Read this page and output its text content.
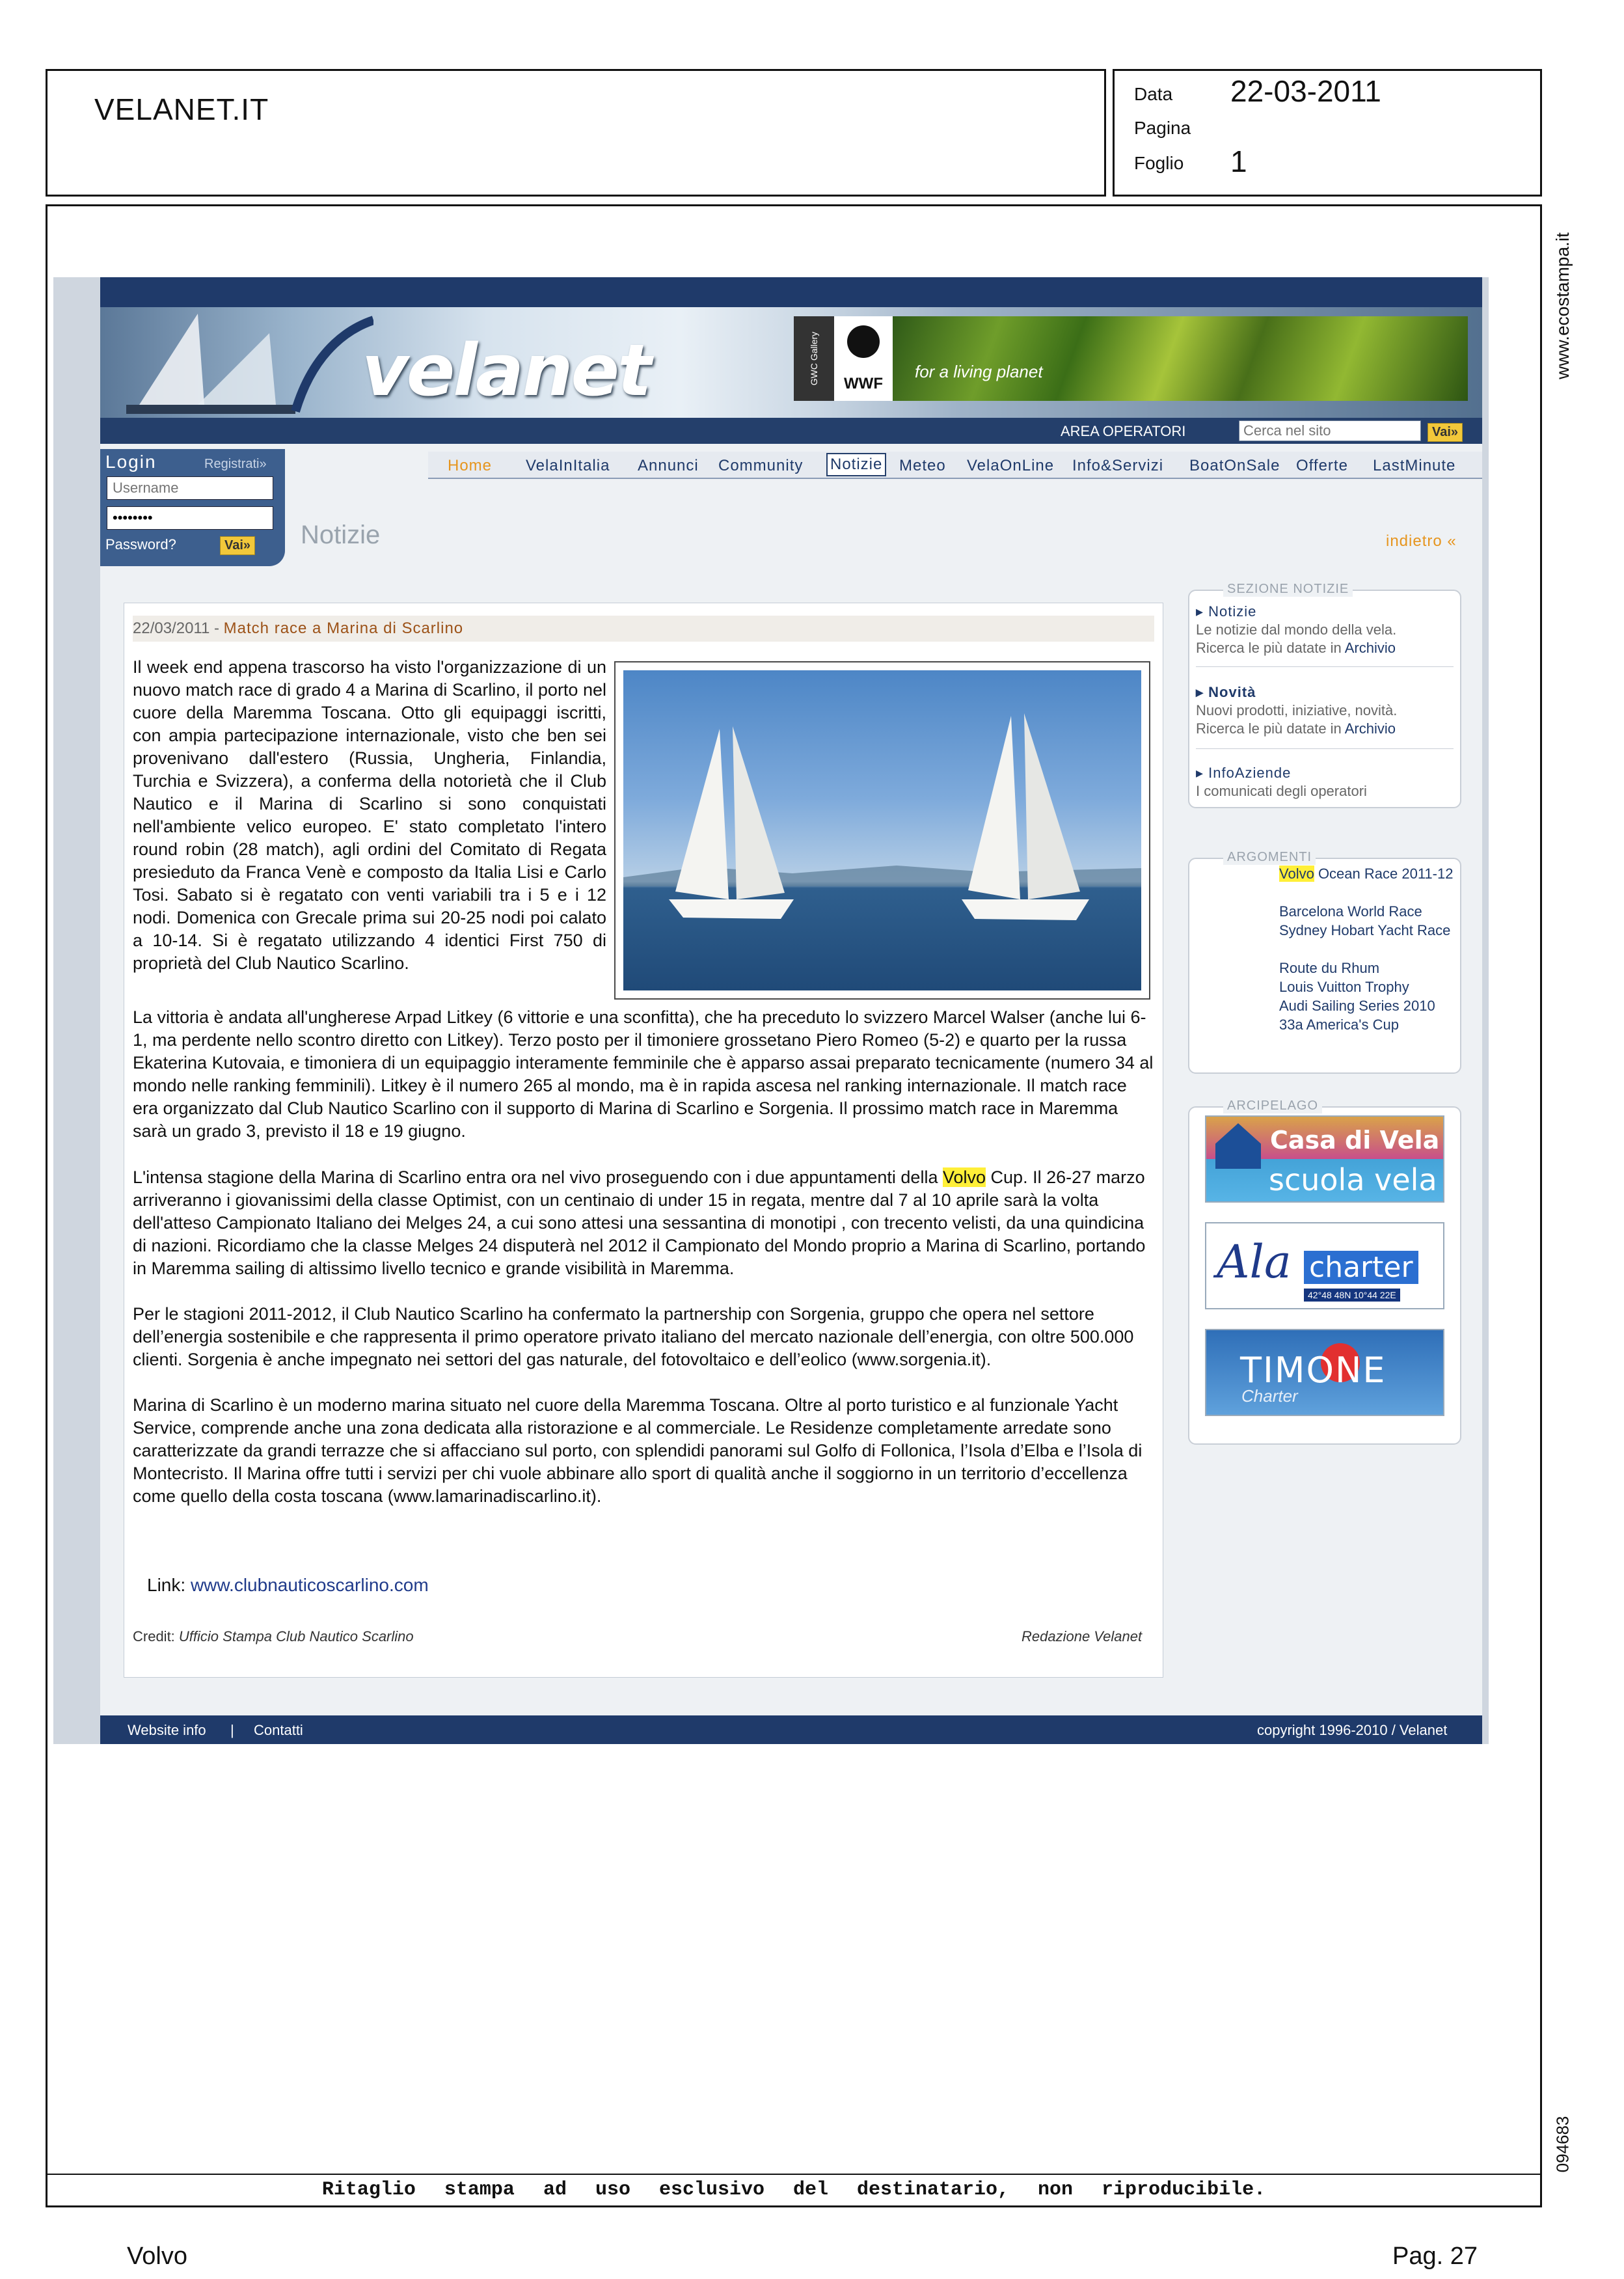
VELANET.IT	Data 22-03-2011
Pagina
Foglio 1
www.ecostampa.it
094683
Ritaglio stampa ad uso esclusivo del destinatario, non riproducibile.
Volvo	Pag. 27
velanet	GWC Gallery	WWF
for a living planet
AREA OPERATORI
Cerca nel sito	Vai»
Login	Registrati»
Username
••••••••
Password?	Vai»
Home VelaInItalia Annunci Community Notizie Meteo VelaOnLine Info&Servizi BoatOnSale Offerte LastMinute
Notizie	indietro «
22/03/2011 - Match race a Marina di Scarlino
Il week end appena trascorso ha visto l'organizzazione di un nuovo match race di grado 4 a Marina di Scarlino, il porto nel cuore della Maremma Toscana. Otto gli equipaggi iscritti, con ampia partecipazione internazionale, visto che ben sei provenivano dall'estero (Russia, Ungheria, Finlandia, Turchia e Svizzera), a conferma della notorietà che il Club Nautico e il Marina di Scarlino si sono conquistati nell'ambiente velico europeo. E' stato completato l'intero round robin (28 match), agli ordini del Comitato di Regata presieduto da Franca Venè e composto da Italia Lisi e Carlo Tosi. Sabato si è regatato con venti variabili tra i 5 e i 12 nodi. Domenica con Grecale prima sui 20-25 nodi poi calato a 10-14. Si è regatato utilizzando 4 identici First 750 di proprietà del Club Nautico Scarlino.
La vittoria è andata all'ungherese Arpad Litkey (6 vittorie e una sconfitta), che ha preceduto lo svizzero Marcel Walser (anche lui 6-1, ma perdente nello scontro diretto con Litkey). Terzo posto per il timoniere grossetano Piero Romeo (5-2) e quarto per la russa Ekaterina Kutovaia, e timoniera di un equipaggio interamente femminile che è apparso assai preparato tecnicamente (numero 34 al mondo nelle ranking femminili). Litkey è il numero 265 al mondo, ma è in rapida ascesa nel ranking internazionale. Il match race era organizzato dal Club Nautico Scarlino con il supporto di Marina di Scarlino e Sorgenia. Il prossimo match race in Maremma sarà un grado 3, previsto il 18 e 19 giugno.
L'intensa stagione della Marina di Scarlino entra ora nel vivo proseguendo con i due appuntamenti della Volvo Cup. Il 26-27 marzo arriveranno i giovanissimi della classe Optimist, con un centinaio di under 15 in regata, mentre dal 7 al 10 aprile sarà la volta dell'atteso Campionato Italiano dei Melges 24, a cui sono attesi una sessantina di monotipi , con trecento velisti, da una quindicina di nazioni. Ricordiamo che la classe Melges 24 disputerà nel 2012 il Campionato del Mondo proprio a Marina di Scarlino, portando in Maremma sailing di altissimo livello tecnico e grande visibilità in Maremma.
Per le stagioni 2011-2012, il Club Nautico Scarlino ha confermato la partnership con Sorgenia, gruppo che opera nel settore dell’energia sostenibile e che rappresenta il primo operatore privato italiano del mercato nazionale dell’energia, con oltre 500.000 clienti. Sorgenia è anche impegnato nei settori del gas naturale, del fotovoltaico e dell’eolico (www.sorgenia.it).
Marina di Scarlino è un moderno marina situato nel cuore della Maremma Toscana. Oltre al porto turistico e al funzionale Yacht Service, comprende anche una zona dedicata alla ristorazione e al commerciale. Le Residenze completamente arredate sono caratterizzate da grandi terrazze che si affacciano sul porto, con splendidi panorami sul Golfo di Follonica, l’Isola d’Elba e l’Isola di Montecristo. Il Marina offre tutti i servizi per chi vuole abbinare allo sport di qualità anche il soggiorno in un territorio d’eccellenza come quello della costa toscana (www.lamarinadiscarlino.it).
Link: www.clubnauticoscarlino.com
Credit: Ufficio Stampa Club Nautico Scarlino	Redazione Velanet
SEZIONE NOTIZIE
▸ Notizie
Le notizie dal mondo della vela.
Ricerca le più datate in Archivio
▸ Novità
Nuovi prodotti, iniziative, novità.
Ricerca le più datate in Archivio
▸ InfoAziende
I comunicati degli operatori
ARGOMENTI
Volvo Ocean Race 2011-12
Barcelona World Race
Sydney Hobart Yacht Race
Route du Rhum
Louis Vuitton Trophy
Audi Sailing Series 2010
33a America's Cup
ARCIPELAGO
Casa di Vela
scuola vela
Ala charter
42°48 48N 10°44 22E
TIMONE
Charter
Website info | Contatti	copyright 1996-2010 / Velanet
